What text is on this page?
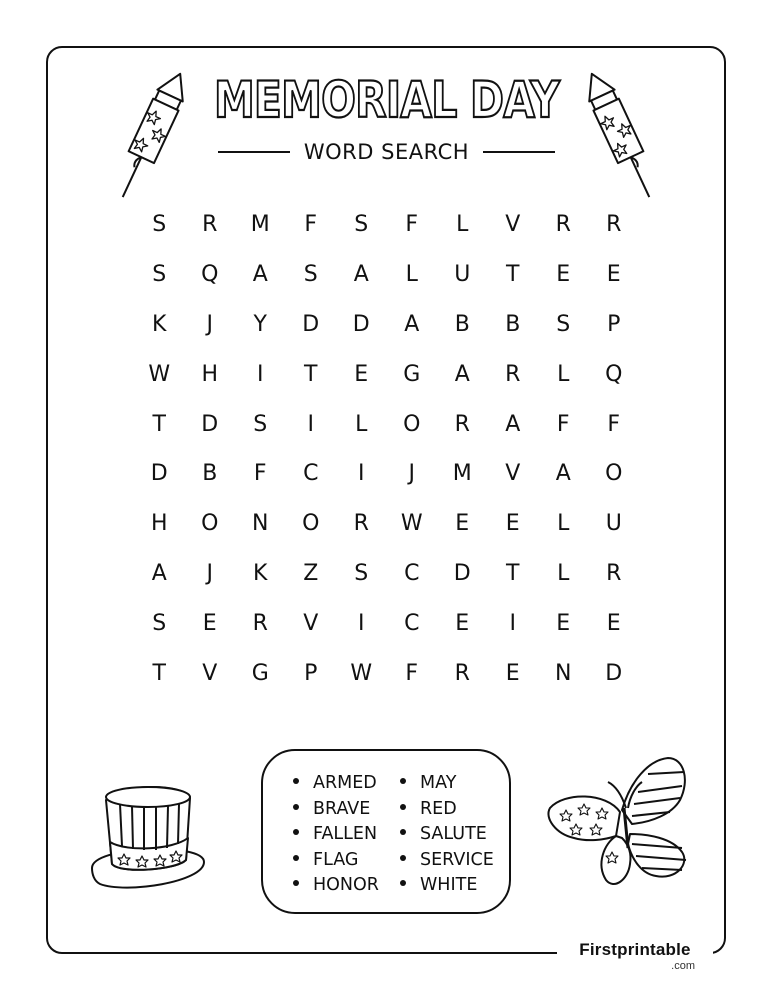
MEMORIAL DAY
WORD SEARCH
S	R	M	F	S	F	L	V	R	R
S	Q	A	S	A	L	U	T	E	E
K	J	Y	D	D	A	B	B	S	P
W	H	I	T	E	G	A	R	L	Q
T	D	S	I	L	O	R	A	F	F
D	B	F	C	I	J	M	V	A	O
H	O	N	O	R	W	E	E	L	U
A	J	K	Z	S	C	D	T	L	R
S	E	R	V	I	C	E	I	E	E
T	V	G	P	W	F	R	E	N	D
ARMED
BRAVE
FALLEN
FLAG
HONOR
MAY
RED
SALUTE
SERVICE
WHITE
Firstprintable
.com
